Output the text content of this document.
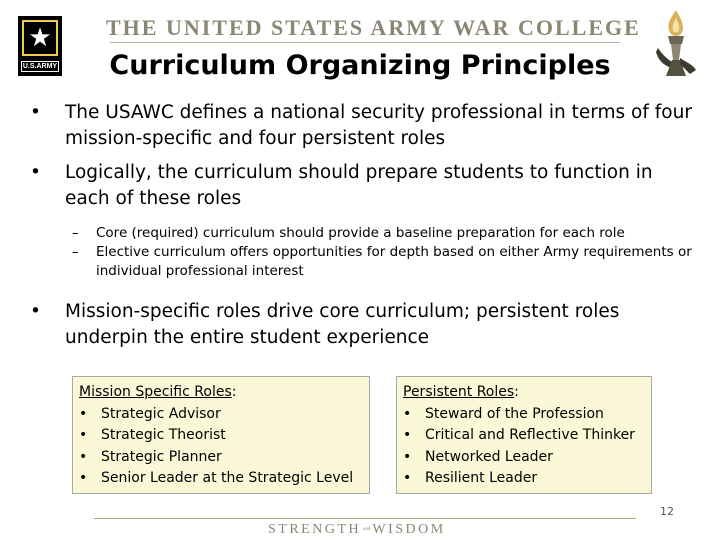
★
U.S.ARMY
THE UNITED STATES ARMY WAR COLLEGE
Curriculum Organizing Principles
• The USAWC defines a national security professional in terms of four mission-specific and four persistent roles
• Logically, the curriculum should prepare students to function in each of these roles
– Core (required) curriculum should provide a baseline preparation for each role
– Elective curriculum offers opportunities for depth based on either Army requirements or individual professional interest
• Mission-specific roles drive core curriculum; persistent roles underpin the entire student experience
Mission Specific Roles:
• Strategic Advisor
• Strategic Theorist
• Strategic Planner
• Senior Leader at the Strategic Level
Persistent Roles:
• Steward of the Profession
• Critical and Reflective Thinker
• Networked Leader
• Resilient Leader
12
STRENGTH and WISDOM
